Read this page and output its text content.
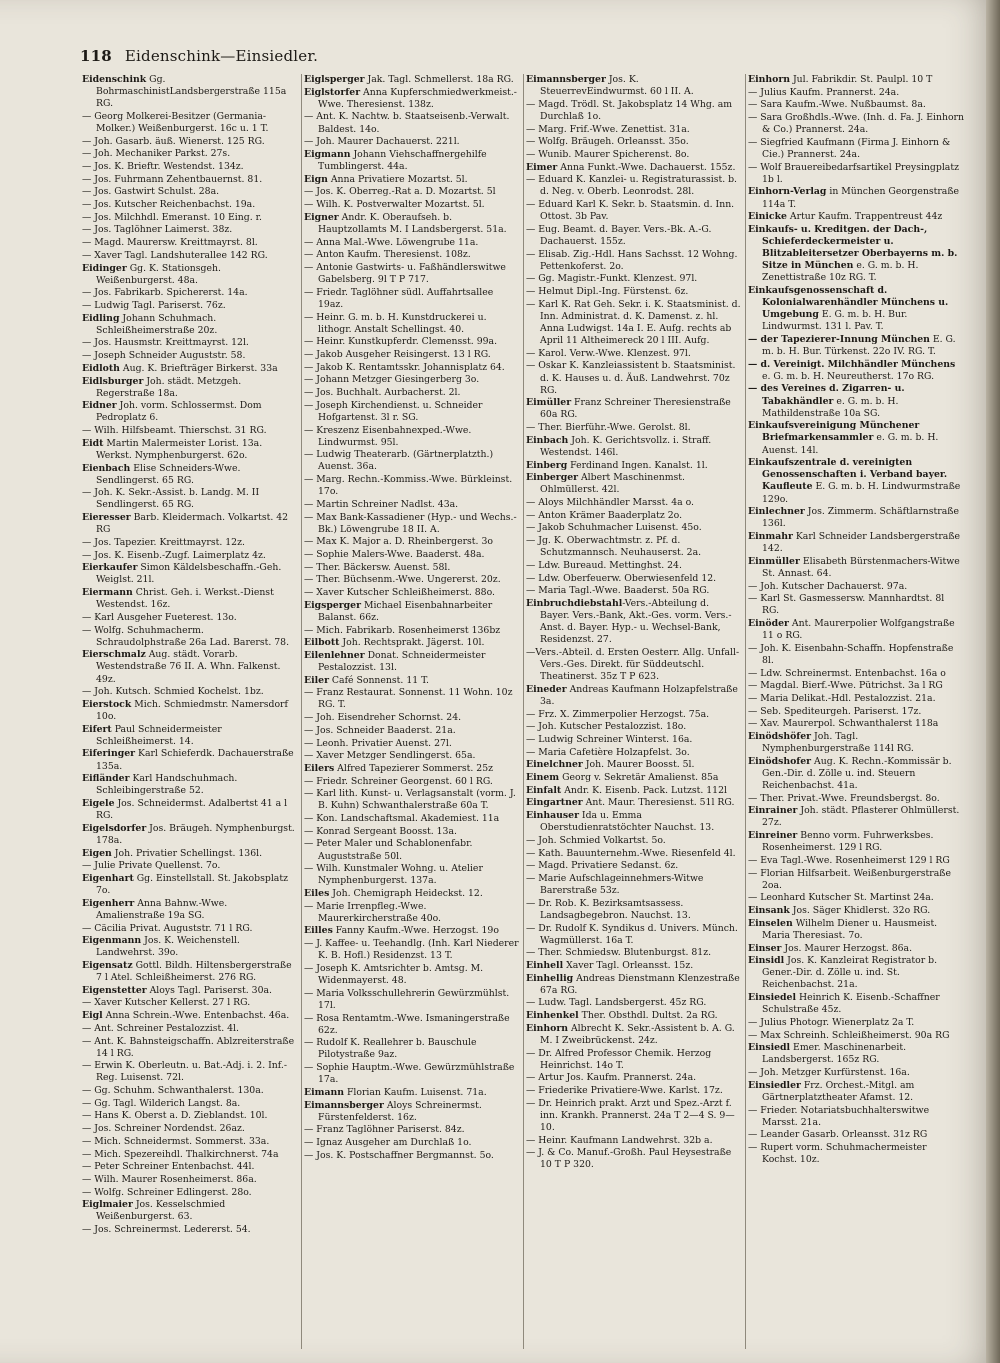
118 Eidenschink—Einsiedler.
Eidenschink Gg. BohrmaschinistLandsbergerstraße 115a RG.
— Georg Molkerei-Besitzer (Germania-Molker.) Weißenburgerst. 16c u. 1 T.
— Joh. Gasarb. äuß. Wienerst. 125 RG.
— Joh. Mechaniker Parkst. 27s.
— Jos. K. Brieftr. Westendst. 134z.
— Jos. Fuhrmann Zehentbauernst. 81.
— Jos. Gastwirt Schulst. 28a.
— Jos. Kutscher Reichenbachst. 19a.
— Jos. Milchhdl. Emeranst. 10 Eing. r.
— Jos. Taglöhner Laimerst. 38z.
— Magd. Maurersw. Kreittmayrst. 8l.
— Xaver Tagl. Landshuterallee 142 RG.
Eidinger Gg. K. Stationsgeh. Weißenburgerst. 48a.
— Jos. Fabrikarb. Spichererst. 14a.
— Ludwig Tagl. Pariserst. 76z.
Eidling Johann Schuhmach. Schleißheimerstraße 20z.
— Jos. Hausmstr. Kreittmayrst. 12l.
— Joseph Schneider Auguststr. 58.
Eidloth Aug. K. Briefträger Birkerst. 33a
Eidlsburger Joh. städt. Metzgeh. Regerstraße 18a.
Eidner Joh. vorm. Schlossermst. Dom Pedroplatz 6.
— Wilh. Hilfsbeamt. Thierschst. 31 RG.
Eidt Martin Malermeister Lorist. 13a. Werkst. Nymphenburgerst. 62o.
Eienbach Elise Schneiders-Wwe. Sendlingerst. 65 RG.
— Joh. K. Sekr.-Assist. b. Landg. M. II Sendlingerst. 65 RG.
Eieresser Barb. Kleidermach. Volkartst. 42 RG
— Jos. Tapezier. Kreittmayrst. 12z.
— Jos. K. Eisenb.-Zugf. Laimerplatz 4z.
Eierkaufer Simon Käldelsbeschaffn.-Geh. Weiglst. 21l.
Eiermann Christ. Geh. i. Werkst.-Dienst Westendst. 16z.
— Karl Ausgeher Fueterest. 13o.
— Wolfg. Schuhmacherm. Schraudolphstraße 26a Lad. Barerst. 78.
Eierschmalz Aug. städt. Vorarb. Westendstraße 76 II. A. Whn. Falkenst. 49z.
— Joh. Kutsch. Schmied Kochelst. 1bz.
Eierstock Mich. Schmiedmstr. Namersdorf 10o.
Eifert Paul Schneidermeister Schleißheimerst. 14.
Eiferinger Karl Schieferdk. Dachauerstraße 135a.
Eifländer Karl Handschuhmach. Schleibingerstraße 52.
Eigele Jos. Schneidermst. Adalbertst 41 a l RG.
Eigelsdorfer Jos. Bräugeh. Nymphenburgst. 178a.
Eigen Joh. Privatier Schellingst. 136l.
— Julie Private Quellenst. 7o.
Eigenhart Gg. Einstellstall. St. Jakobsplatz 7o.
Eigenherr Anna Bahnw.-Wwe. Amalienstraße 19a SG.
— Cäcilia Privat. Auguststr. 71 l RG.
Eigenmann Jos. K. Weichenstell. Landwehrst. 39o.
Eigensatz Gottl. Bildh. Hiltensbergerstraße 7 l Atel. Schleißheimerst. 276 RG.
Eigenstetter Aloys Tagl. Pariserst. 30a.
— Xaver Kutscher Kellerst. 27 l RG.
Eigl Anna Schrein.-Wwe. Entenbachst. 46a.
— Ant. Schreiner Pestalozzist. 4l.
— Ant. K. Bahnsteigschaffn. Ablzreiterstraße 14 l RG.
— Erwin K. Oberleutn. u. Bat.-Adj. i. 2. Inf.-Reg. Luisenst. 72l.
— Gg. Schuhm. Schwanthalerst. 130a.
— Gg. Tagl. Wilderich Langst. 8a.
— Hans K. Oberst a. D. Zieblandst. 10l.
— Jos. Schreiner Nordendst. 26az.
— Mich. Schneidermst. Sommerst. 33a.
— Mich. Spezereihdl. Thalkirchnerst. 74a
— Peter Schreiner Entenbachst. 44l.
— Wilh. Maurer Rosenheimerst. 86a.
— Wolfg. Schreiner Edlingerst. 28o.
Eiglmaier Jos. Kesselschmied Weißenburgerst. 63.
— Jos. Schreinermst. Ledererst. 54.
Eiglsperger Jak. Tagl. Schmellerst. 18a RG.
Eiglstorfer Anna Kupferschmiedwerkmeist.-Wwe. Theresienst. 138z.
— Ant. K. Nachtw. b. Staatseisenb.-Verwalt. Baldest. 14o.
— Joh. Maurer Dachauerst. 221l.
Eigmann Johann Viehschaffnergehilfe Tumblingerst. 44a.
Eign Anna Privatiere Mozartst. 5l.
— Jos. K. Oberreg.-Rat a. D. Mozartst. 5l
— Wilh. K. Postverwalter Mozartst. 5l.
Eigner Andr. K. Oberaufseh. b. Hauptzollamts M. I Landsbergerst. 51a.
— Anna Mal.-Wwe. Löwengrube 11a.
— Anton Kaufm. Theresienst. 108z.
— Antonie Gastwirts- u. Faßhändlerswitwe Gabelsberg. 9l T P 717.
— Friedr. Taglöhner südl. Auffahrtsallee 19az.
— Heinr. G. m. b. H. Kunstdruckerei u. lithogr. Anstalt Schellingst. 40.
— Heinr. Kunstkupferdr. Clemensst. 99a.
— Jakob Ausgeher Reisingerst. 13 l RG.
— Jakob K. Rentamtsskr. Johannisplatz 64.
— Johann Metzger Giesingerberg 3o.
— Jos. Buchhalt. Aurbacherst. 2l.
— Joseph Kirchendienst. u. Schneider Hofgartenst. 3l r. SG.
— Kreszenz Eisenbahnexped.-Wwe. Lindwurmst. 95l.
— Ludwig Theaterarb. (Gärtnerplatzth.) Auenst. 36a.
— Marg. Rechn.-Kommiss.-Wwe. Bürkleinst. 17o.
— Martin Schreiner Nadlst. 43a.
— Max Bank-Kassadiener (Hyp.- und Wechs.-Bk.) Löwengrube 18 II. A.
— Max K. Major a. D. Rheinbergerst. 3o
— Sophie Malers-Wwe. Baaderst. 48a.
— Ther. Bäckersw. Auenst. 58l.
— Ther. Büchsenm.-Wwe. Ungererst. 20z.
— Xaver Kutscher Schleißheimerst. 88o.
Eigsperger Michael Eisenbahnarbeiter Balanst. 66z.
— Mich. Fabrikarb. Rosenheimerst 136bz
Eilbott Joh. Rechtsprakt. Jägerst. 10l.
Eilenlehner Donat. Schneidermeister Pestalozzist. 13l.
Eiler Café Sonnenst. 11 T.
— Franz Restaurat. Sonnenst. 11 Wohn. 10z RG. T.
— Joh. Eisendreher Schornst. 24.
— Jos. Schneider Baaderst. 21a.
— Leonh. Privatier Auenst. 27l.
— Xaver Metzger Sendlingerst. 65a.
Eilers Alfred Tapezierer Sommerst. 25z
— Friedr. Schreiner Georgenst. 60 l RG.
— Karl lith. Kunst- u. Verlagsanstalt (vorm. J. B. Kuhn) Schwanthalerstraße 60a T.
— Kon. Landschaftsmal. Akademiest. 11a
— Konrad Sergeant Boosst. 13a.
— Peter Maler und Schablonenfabr. Auguststraße 50l.
— Wilh. Kunstmaler Wohng. u. Atelier Nymphenburgerst. 137a.
Eiles Joh. Chemigraph Heideckst. 12.
— Marie Irrenpfleg.-Wwe. Maurerkircherstraße 40o.
Eilles Fanny Kaufm.-Wwe. Herzogst. 19o
— J. Kaffee- u. Teehandlg. (Inh. Karl Niederer K. B. Hofl.) Residenzst. 13 T.
— Joseph K. Amtsrichter b. Amtsg. M. Widenmayerst. 48.
— Maria Volksschullehrerin Gewürzmühlst. 17l.
— Rosa Rentamtm.-Wwe. Ismaningerstraße 62z.
— Rudolf K. Reallehrer b. Bauschule Pilotystraße 9az.
— Sophie Hauptm.-Wwe. Gewürzmühlstraße 17a.
Eimann Florian Kaufm. Luisenst. 71a.
Eimannsberger Aloys Schreinermst. Fürstenfelderst. 16z.
— Franz Taglöhner Pariserst. 84z.
— Ignaz Ausgeher am Durchlaß 1o.
— Jos. K. Postschaffner Bergmannst. 5o.
Eimannsberger Jos. K. SteuerrevEindwurmst. 60 l II. A.
— Magd. Trödl. St. Jakobsplatz 14 Whg. am Durchlaß 1o.
— Marg. Frif.-Wwe. Zenettist. 31a.
— Wolfg. Bräugeh. Orleansst. 35o.
— Wunib. Maurer Spicherenst. 8o.
Eimer Anna Funkt.-Wwe. Dachauerst. 155z.
— Eduard K. Kanzlei- u. Registraturassist. b. d. Neg. v. Oberb. Leonrodst. 28l.
— Eduard Karl K. Sekr. b. Staatsmin. d. Inn. Ottost. 3b Pav.
— Eug. Beamt. d. Bayer. Vers.-Bk. A.-G. Dachauerst. 155z.
— Elisab. Zig.-Hdl. Hans Sachsst. 12 Wohng. Pettenkoferst. 2o.
— Gg. Magistr.-Funkt. Klenzest. 97l.
— Helmut Dipl.-Ing. Fürstenst. 6z.
— Karl K. Rat Geh. Sekr. i. K. Staatsminist. d. Inn. Administrat. d. K. Damenst. z. hl. Anna Ludwigst. 14a I. E. Aufg. rechts ab April 11 Altheimereck 20 l III. Aufg.
— Karol. Verw.-Wwe. Klenzest. 97l.
— Oskar K. Kanzleiassistent b. Staatsminist. d. K. Hauses u. d. Äuß. Landwehrst. 70z RG.
Eimüller Franz Schreiner Theresienstraße 60a RG.
— Ther. Bierführ.-Wwe. Gerolst. 8l.
Einbach Joh. K. Gerichtsvollz. i. Straff. Westendst. 146l.
Einberg Ferdinand Ingen. Kanalst. 1l.
Einberger Albert Maschinenmst. Ohlmüllerst. 42l.
— Aloys Milchhändler Marsst. 4a o.
— Anton Krämer Baaderplatz 2o.
— Jakob Schuhmacher Luisenst. 45o.
— Jg. K. Oberwachtmstr. z. Pf. d. Schutzmannsch. Neuhauserst. 2a.
— Ldw. Bureaud. Mettinghst. 24.
— Ldw. Oberfeuerw. Oberwiesenfeld 12.
— Maria Tagl.-Wwe. Baaderst. 50a RG.
Einbruchdiebstahl-Vers.-Abteilung d. Bayer. Vers.-Bank, Akt.-Ges. vorm. Vers.-Anst. d. Bayer. Hyp.- u. Wechsel-Bank, Residenzst. 27.
—Vers.-Abteil. d. Ersten Oesterr. Allg. Unfall-Vers.-Ges. Direkt. für Süddeutschl. Theatinerst. 35z T P 623.
Eineder Andreas Kaufmann Holzapfelstraße 3a.
— Frz. X. Zimmerpolier Herzogst. 75a.
— Joh. Kutscher Pestalozzist. 18o.
— Ludwig Schreiner Winterst. 16a.
— Maria Cafetière Holzapfelst. 3o.
Einelchner Joh. Maurer Boosst. 5l.
Einem Georg v. Sekretär Amalienst. 85a
Einfalt Andr. K. Eisenb. Pack. Lutzst. 112l
Eingartner Ant. Maur. Theresienst. 51l RG.
Einhauser Ida u. Emma Oberstudienratstöchter Nauchst. 13.
— Joh. Schmied Volkartst. 5o.
— Kath. Bauunternehm.-Wwe. Riesenfeld 4l.
— Magd. Privatiere Sedanst. 6z.
— Marie Aufschlageinnehmers-Witwe Barerstraße 53z.
— Dr. Rob. K. Bezirksamtsassess. Landsagbegebron. Nauchst. 13.
— Dr. Rudolf K. Syndikus d. Univers. Münch. Wagmüllerst. 16a T.
— Ther. Schmiedsw. Blutenburgst. 81z.
Einhell Xaver Tagl. Orleansst. 15z.
Einhellig Andreas Dienstmann Klenzestraße 67a RG.
— Ludw. Tagl. Landsbergerst. 45z RG.
Einhenkel Ther. Obsthdl. Dultst. 2a RG.
Einhorn Albrecht K. Sekr.-Assistent b. A. G. M. I Zweibrückenst. 24z.
— Dr. Alfred Professor Chemik. Herzog Heinrichst. 14o T.
— Artur Jos. Kaufm. Prannerst. 24a.
— Friederike Privatiere-Wwe. Karlst. 17z.
— Dr. Heinrich prakt. Arzt und Spez.-Arzt f. inn. Krankh. Prannerst. 24a T 2—4 S. 9—10.
— Heinr. Kaufmann Landwehrst. 32b a.
— J. & Co. Manuf.-Großh. Paul Heysestraße 10 T P 320.
Einhorn Jul. Fabrikdir. St. Paulpl. 10 T
— Julius Kaufm. Prannerst. 24a.
— Sara Kaufm.-Wwe. Nußbaumst. 8a.
— Sara Großhdls.-Wwe. (Inh. d. Fa. J. Einhorn & Co.) Prannerst. 24a.
— Siegfried Kaufmann (Firma J. Einhorn & Cie.) Prannerst. 24a.
— Wolf Brauereibedarfsartikel Preysingplatz 1b l.
Einhorn-Verlag in München Georgenstraße 114a T.
Einicke Artur Kaufm. Trappentreust 44z
Einkaufs- u. Kreditgen. der Dach-, Schieferdeckermeister u. Blitzableitersetzer Oberbayerns m. b. Sitze in München e. G. m. b. H. Zenettistraße 10z RG. T.
Einkaufsgenossenschaft d. Kolonialwarenhändler Münchens u. Umgebung E. G. m. b. H. Bur. Lindwurmst. 131 l. Pav. T.
— der Tapezierer-Innung München E. G. m. b. H. Bur. Türkenst. 22o IV. RG. T.
— d. Vereinigt. Milchhändler Münchens e. G. m. b. H. Neureutherst. 17o RG.
— des Vereines d. Zigarren- u. Tabakhändler e. G. m. b. H. Mathildenstraße 10a SG.
Einkaufsvereinigung Münchener Briefmarkensammler e. G. m. b. H. Auenst. 14l.
Einkaufszentrale d. vereinigten Genossenschaften i. Verband bayer. Kaufleute E. G. m. b. H. Lindwurmstraße 129o.
Einlechner Jos. Zimmerm. Schäftlarnstraße 136l.
Einmahr Karl Schneider Landsbergerstraße 142.
Einmüller Elisabeth Bürstenmachers-Witwe St. Annast. 64.
— Joh. Kutscher Dachauerst. 97a.
— Karl St. Gasmessersw. Mannhardtst. 8l RG.
Einöder Ant. Maurerpolier Wolfgangstraße 11 o RG.
— Joh. K. Eisenbahn-Schaffn. Hopfenstraße 8l.
— Ldw. Schreinermst. Entenbachst. 16a o
— Magdal. Bierf.-Wwe. Pütrichst. 3a l RG
— Maria Delikat.-Hdl. Pestalozzist. 21a.
— Seb. Spediteurgeh. Pariserst. 17z.
— Xav. Maurerpol. Schwanthalerst 118a
Einödshöfer Joh. Tagl. Nymphenburgerstraße 114l RG.
Einödshofer Aug. K. Rechn.-Kommissär b. Gen.-Dir. d. Zölle u. ind. Steuern Reichenbachst. 41a.
— Ther. Privat.-Wwe. Freundsbergst. 8o.
Einrainer Joh. städt. Pflasterer Ohlmüllerst. 27z.
Einreiner Benno vorm. Fuhrwerksbes. Rosenheimerst. 129 l RG.
— Eva Tagl.-Wwe. Rosenheimerst 129 l RG
— Florian Hilfsarbeit. Weißenburgerstraße 2oa.
— Leonhard Kutscher St. Martinst 24a.
Einsank Jos. Säger Khidlerst. 32o RG.
Einselen Wilhelm Diener u. Hausmeist. Maria Theresiast. 7o.
Einser Jos. Maurer Herzogst. 86a.
Einsidl Jos. K. Kanzleirat Registrator b. Gener.-Dir. d. Zölle u. ind. St. Reichenbachst. 21a.
Einsiedel Heinrich K. Eisenb.-Schaffner Schulstraße 45z.
— Julius Photogr. Wienerplatz 2a T.
— Max Schreinh. Schleißheimerst. 90a RG
Einsiedl Emer. Maschinenarbeit. Landsbergerst. 165z RG.
— Joh. Metzger Kurfürstenst. 16a.
Einsiedler Frz. Orchest.-Mitgl. am Gärtnerplatztheater Afamst. 12.
— Frieder. Notariatsbuchhalterswitwe Marsst. 21a.
— Leander Gasarb. Orleansst. 31z RG
— Rupert vorm. Schuhmachermeister Kochst. 10z.
